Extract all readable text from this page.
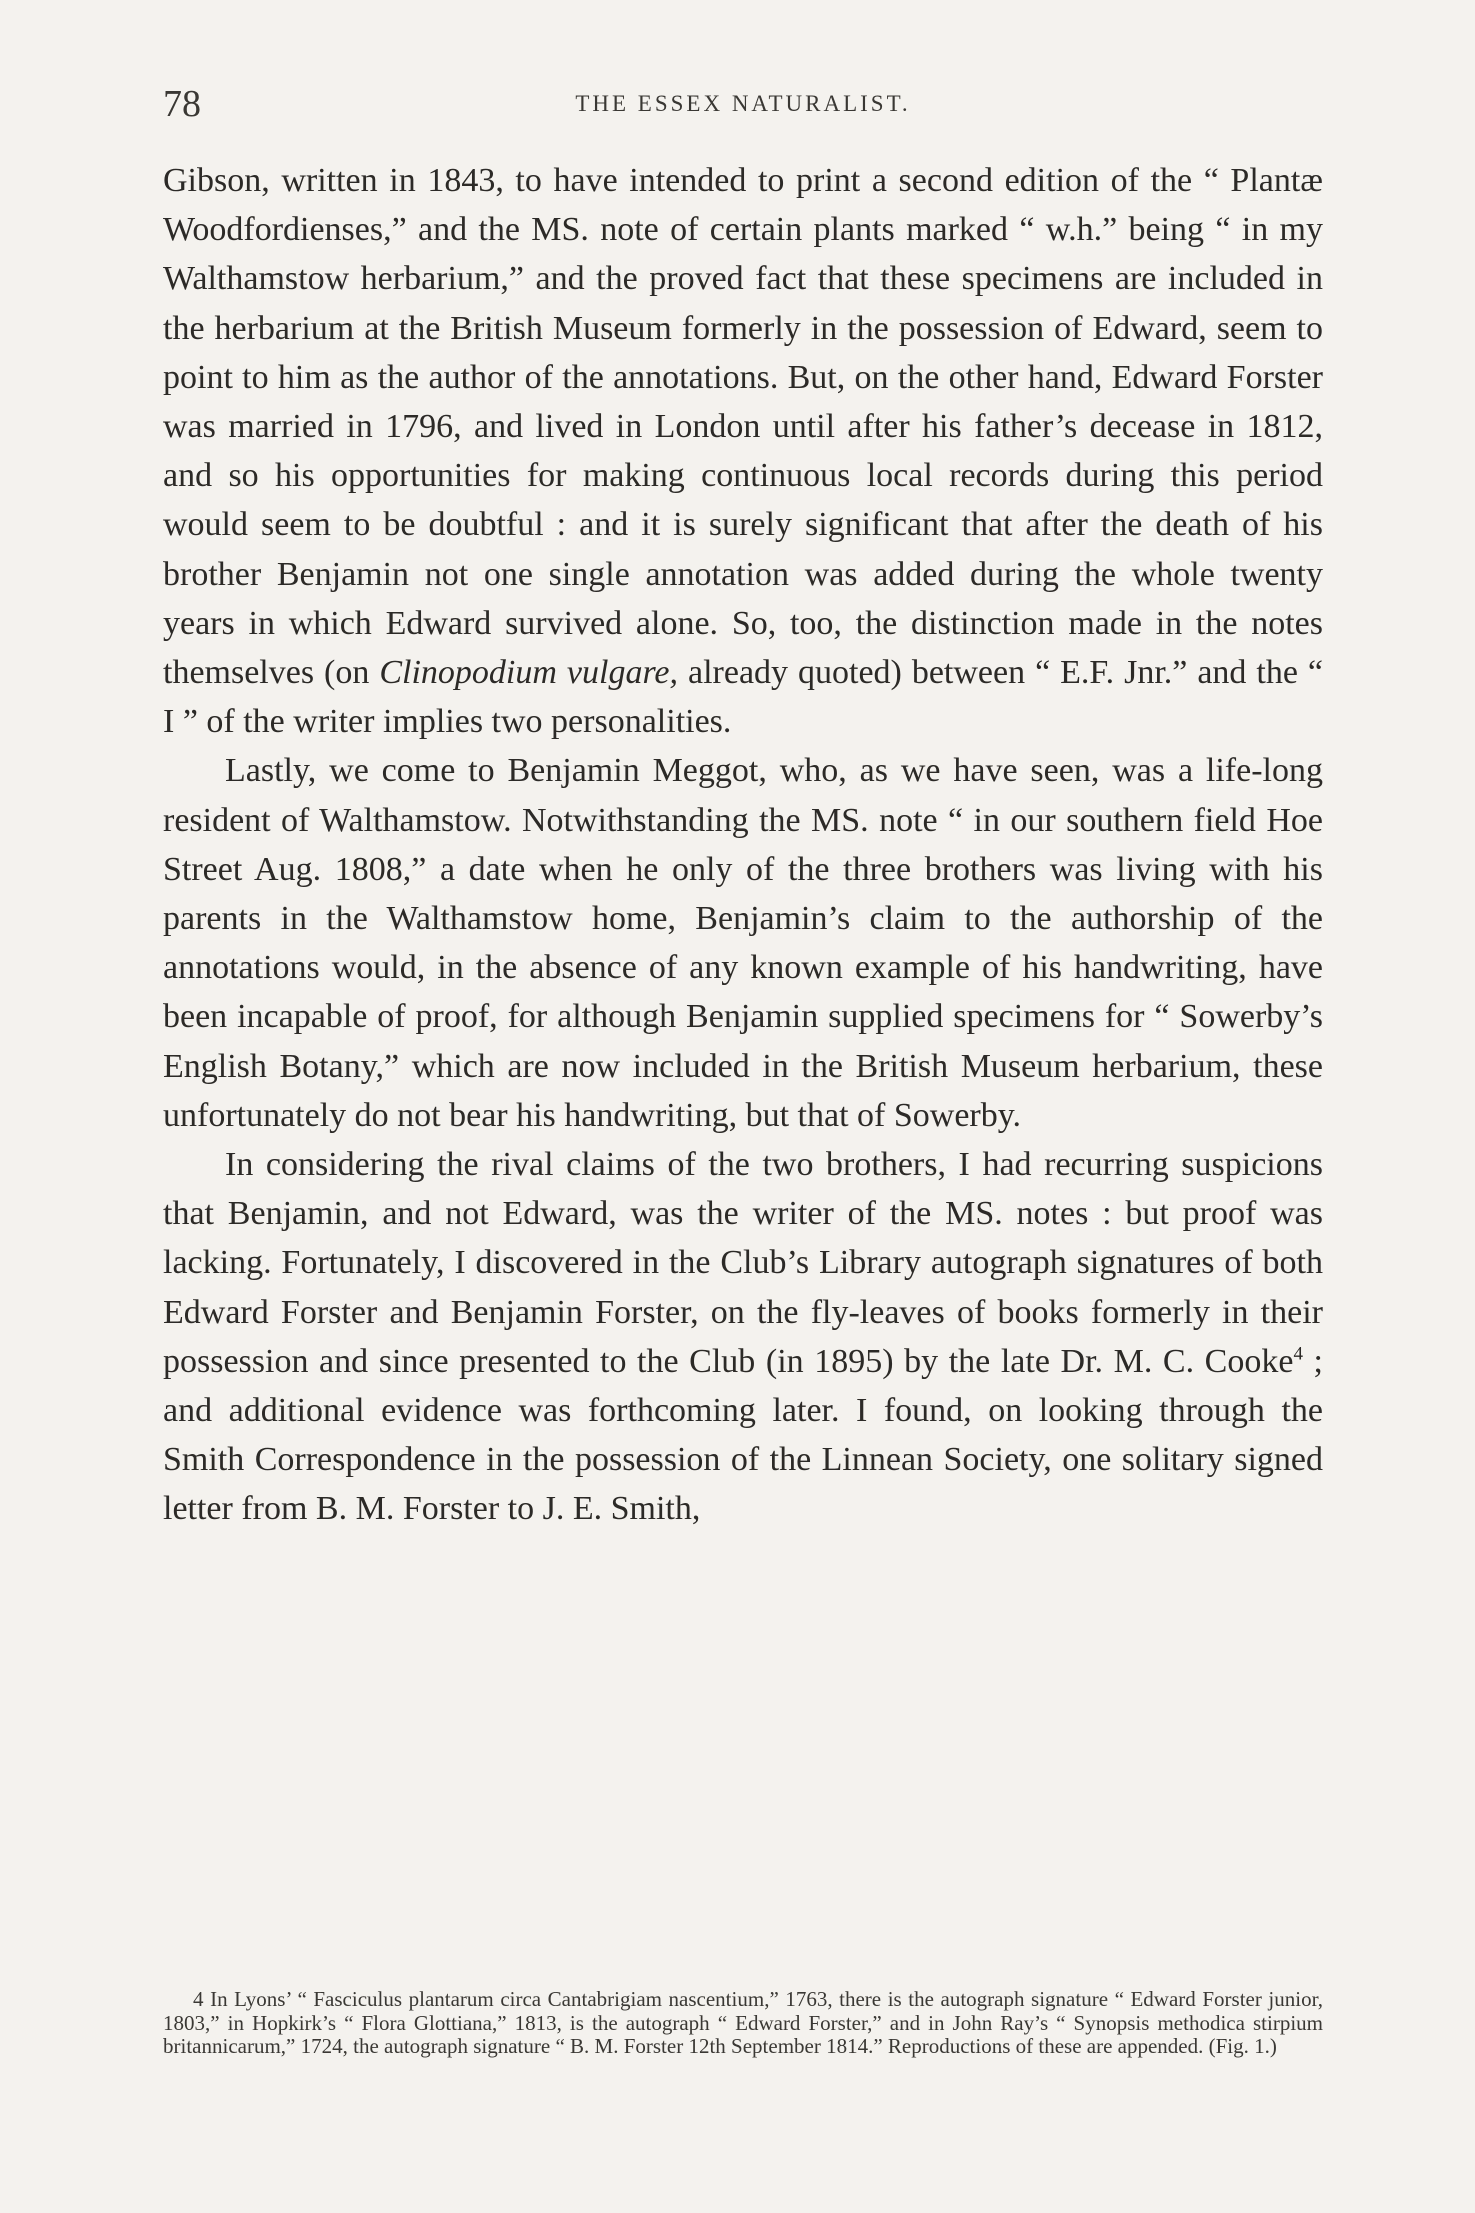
78	THE ESSEX NATURALIST.

Gibson, written in 1843, to have intended to print a second edition of the “ Plantæ Woodfordienses,” and the MS. note of certain plants marked “ w.h.” being “ in my Walthamstow herbarium,” and the proved fact that these specimens are included in the herbarium at the British Museum formerly in the possession of Edward, seem to point to him as the author of the annotations. But, on the other hand, Edward Forster was married in 1796, and lived in London until after his father’s decease in 1812, and so his opportunities for making continuous local records during this period would seem to be doubtful : and it is surely significant that after the death of his brother Benjamin not one single annotation was added during the whole twenty years in which Edward survived alone. So, too, the distinction made in the notes themselves (on Clinopodium vulgare, already quoted) between “ E.F. Jnr.” and the “ I ” of the writer implies two personalities.

Lastly, we come to Benjamin Meggot, who, as we have seen, was a life-long resident of Walthamstow. Notwithstanding the MS. note “ in our southern field Hoe Street Aug. 1808,” a date when he only of the three brothers was living with his parents in the Walthamstow home, Benjamin’s claim to the authorship of the annotations would, in the absence of any known example of his handwriting, have been incapable of proof, for although Benjamin supplied specimens for “ Sowerby’s English Botany,” which are now included in the British Museum herbarium, these unfortunately do not bear his handwriting, but that of Sowerby.

In considering the rival claims of the two brothers, I had recurring suspicions that Benjamin, and not Edward, was the writer of the MS. notes : but proof was lacking. Fortunately, I discovered in the Club’s Library autograph signatures of both Edward Forster and Benjamin Forster, on the fly-leaves of books formerly in their possession and since presented to the Club (in 1895) by the late Dr. M. C. Cooke$^4$ ; and additional evidence was forthcoming later. I found, on looking through the Smith Correspondence in the possession of the Linnean Society, one solitary signed letter from B. M. Forster to J. E. Smith,

4 In Lyons’ “ Fasciculus plantarum circa Cantabrigiam nascentium,” 1763, there is the autograph signature “ Edward Forster junior, 1803,” in Hopkirk’s “ Flora Glottiana,” 1813, is the autograph “ Edward Forster,” and in John Ray’s “ Synopsis methodica stirpium britannicarum,” 1724, the autograph signature “ B. M. Forster 12th September 1814.” Reproductions of these are appended. (Fig. 1.)
